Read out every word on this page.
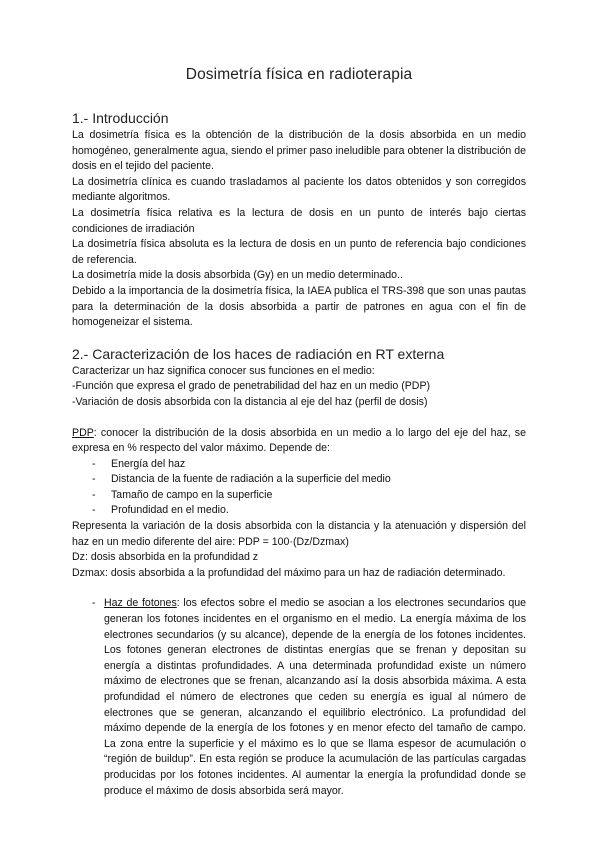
Dosimetría física en radioterapia
1.- Introducción

La dosimetría física es la obtención de la distribución de la dosis absorbida en un medio homogéneo, generalmente agua, siendo el primer paso ineludible para obtener la distribución de dosis en el tejido del paciente.

La dosimetría clínica es cuando trasladamos al paciente los datos obtenidos y son corregidos mediante algoritmos.

La dosimetría física relativa es la lectura de dosis en un punto de interés bajo ciertas condiciones de irradiación

La dosimetría física absoluta es la lectura de dosis en un punto de referencia bajo condiciones de referencia.

La dosimetría mide la dosis absorbida (Gy) en un medio determinado..

Debido a la importancia de la dosimetría física, la IAEA publica el TRS-398 que son unas pautas para la determinación de la dosis absorbida a partir de patrones en agua con el fin de homogeneizar el sistema.

2.- Caracterización de los haces de radiación en RT externa

Caracterizar un haz significa conocer sus funciones en el medio:

-Función que expresa el grado de penetrabilidad del haz en un medio (PDP)

-Variación de dosis absorbida con la distancia al eje del haz (perfil de dosis)

PDP: conocer la distribución de la dosis absorbida en un medio a lo largo del eje del haz, se expresa en % respecto del valor máximo. Depende de:

- Energía del haz
- Distancia de la fuente de radiación a la superficie del medio
- Tamaño de campo en la superficie
- Profundidad en el medio.

Representa la variación de la dosis absorbida con la distancia y la atenuación y dispersión del haz en un medio diferente del aire: PDP = 100·(Dz/Dzmax)

Dz: dosis absorbida en la profundidad z

Dzmax: dosis absorbida a la profundidad del máximo para un haz de radiación determinado.

- Haz de fotones: los efectos sobre el medio se asocian a los electrones secundarios que generan los fotones incidentes en el organismo en el medio. La energía máxima de los electrones secundarios (y su alcance), depende de la energía de los fotones incidentes. Los fotones generan electrones de distintas energías que se frenan y depositan su energía a distintas profundidades. A una determinada profundidad existe un número máximo de electrones que se frenan, alcanzando así la dosis absorbida máxima. A esta profundidad el número de electrones que ceden su energía es igual al número de electrones que se generan, alcanzando el equilibrio electrónico. La profundidad del máximo depende de la energía de los fotones y en menor efecto del tamaño de campo. La zona entre la superficie y el máximo es lo que se llama espesor de acumulación o “región de buildup”. En esta región se produce la acumulación de las partículas cargadas producidas por los fotones incidentes. Al aumentar la energía la profundidad donde se produce el máximo de dosis absorbida será mayor.
